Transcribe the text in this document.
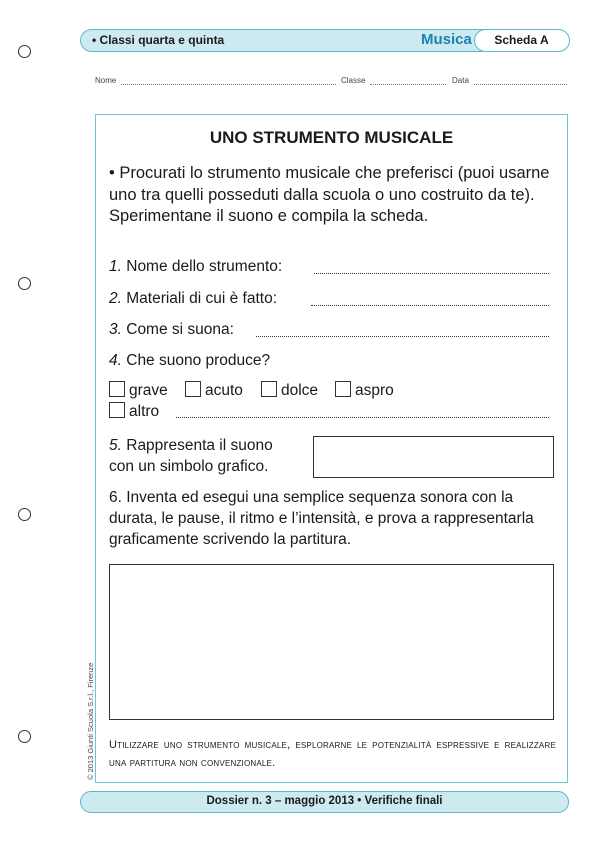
• Classi quarta e quinta	Musica	Scheda A
Nome	Classe	Data
UNO STRUMENTO MUSICALE
• Procurati lo strumento musicale che preferisci (puoi usarne uno tra quelli posseduti dalla scuola o uno costruito da te). Sperimentane il suono e compila la scheda.
1. Nome dello strumento:
2. Materiali di cui è fatto:
3. Come si suona:
4. Che suono produce?
grave	acuto	dolce	aspro
altro
5. Rappresenta il suono
con un simbolo grafico.
6. Inventa ed esegui una semplice sequenza sonora con la durata, le pause, il ritmo e l’intensità, e prova a rappresentarla graficamente scrivendo la partitura.
Utilizzare uno strumento musicale, esplorarne le potenzialità espressive e realizzare una partitura non convenzionale.
© 2013 Giunti Scuola S.r.l., Firenze
Dossier n. 3 – maggio 2013 • Verifiche finali
